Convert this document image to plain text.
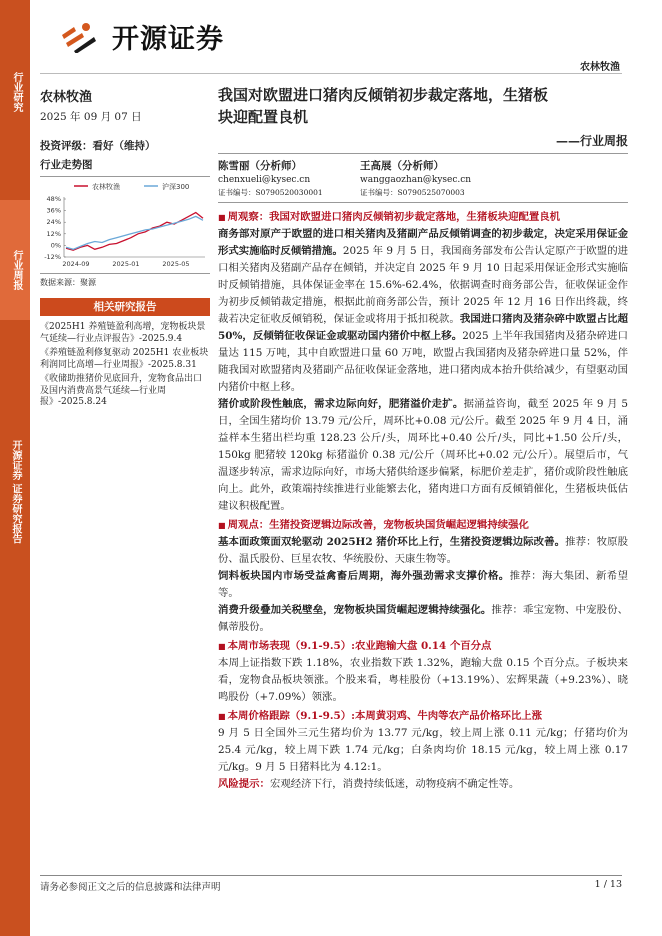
行业研究
行业周报
开源证券 证券研究报告
开源证券
农林牧渔
农林牧渔
2025 年 09 月 07 日
投资评级：看好（维持）
行业走势图
农林牧渔	沪深300
48%
36%
24%
12%
0%
-12%
2024-09	2025-01	2025-05
数据来源：聚源
相关研究报告
《2025H1 养殖链盈利高增，宠物板块景气延续—行业点评报告》-2025.9.4
《养殖链盈利修复驱动 2025H1 农业板块利润同比高增—行业周报》-2025.8.31
《收储助推猪价见底回升，宠物食品出口及国内消费高景气延续—行业周报》-2025.8.24
我国对欧盟进口猪肉反倾销初步裁定落地，生猪板
块迎配置良机
——行业周报
陈雪丽（分析师）
chenxueli@kysec.cn
证书编号：S0790520030001
王高展（分析师）
wanggaozhan@kysec.cn
证书编号：S0790525070003
■ 周观察：我国对欧盟进口猪肉反倾销初步裁定落地，生猪板块迎配置良机
商务部对原产于欧盟的进口相关猪肉及猪副产品反倾销调查的初步裁定，决定采用保证金形式实施临时反倾销措施。2025 年 9 月 5 日，我国商务部发布公告认定原产于欧盟的进口相关猪肉及猪副产品存在倾销，并决定自 2025 年 9 月 10 日起采用保证金形式实施临时反倾销措施，具体保证金率在 15.6%-62.4%，依据调查时商务部公告，征收保证金作为初步反倾销裁定措施，根据此前商务部公告，预计 2025 年 12 月 16 日作出终裁，终裁若决定征收反倾销税，保证金或将用于抵扣税款。我国进口猪肉及猪杂碎中欧盟占比超 50%，反倾销征收保证金或驱动国内猪价中枢上移。2025 上半年我国猪肉及猪杂碎进口量达 115 万吨，其中自欧盟进口量 60 万吨，欧盟占我国猪肉及猪杂碎进口量 52%，伴随我国对欧盟猪肉及猪副产品征收保证金落地，进口猪肉成本抬升供给减少，有望驱动国内猪价中枢上移。
猪价或阶段性触底，需求边际向好，肥猪溢价走扩。据涌益咨询，截至 2025 年 9 月 5 日，全国生猪均价 13.79 元/公斤，周环比+0.08 元/公斤。截至 2025 年 9 月 4 日，涌益样本生猪出栏均重 128.23 公斤/头，周环比+0.40 公斤/头，同比+1.50 公斤/头，150kg 肥猪较 120kg 标猪溢价 0.38 元/公斤（周环比+0.02 元/公斤）。展望后市，气温逐步转凉，需求边际向好，市场大猪供给逐步偏紧，标肥价差走扩，猪价或阶段性触底向上。此外，政策端持续推进行业能繁去化，猪肉进口方面有反倾销催化，生猪板块低估建议积极配置。
■ 周观点：生猪投资逻辑边际改善，宠物板块国货崛起逻辑持续强化
基本面政策面双轮驱动 2025H2 猪价环比上行，生猪投资逻辑边际改善。推荐：牧原股份、温氏股份、巨星农牧、华统股份、天康生物等。
饲料板块国内市场受益禽畜后周期，海外强劲需求支撑价格。推荐：海大集团、新希望等。
消费升级叠加关税壁垒，宠物板块国货崛起逻辑持续强化。推荐：乖宝宠物、中宠股份、佩蒂股份。
■ 本周市场表现（9.1-9.5）:农业跑输大盘 0.14 个百分点
本周上证指数下跌 1.18%，农业指数下跌 1.32%，跑输大盘 0.15 个百分点。子板块来看，宠物食品板块领涨。个股来看，粤桂股份（+13.19%）、宏辉果蔬（+9.23%）、晓鸣股份（+7.09%）领涨。
■ 本周价格跟踪（9.1-9.5）:本周黄羽鸡、牛肉等农产品价格环比上涨
9 月 5 日全国外三元生猪均价为 13.77 元/kg，较上周上涨 0.11 元/kg；仔猪均价为 25.4 元/kg，较上周下跌 1.74 元/kg；白条肉均价 18.15 元/kg，较上周上涨 0.17 元/kg。9 月 5 日猪料比为 4.12:1。
风险提示：宏观经济下行，消费持续低迷，动物疫病不确定性等。
请务必参阅正文之后的信息披露和法律声明	1 / 13
